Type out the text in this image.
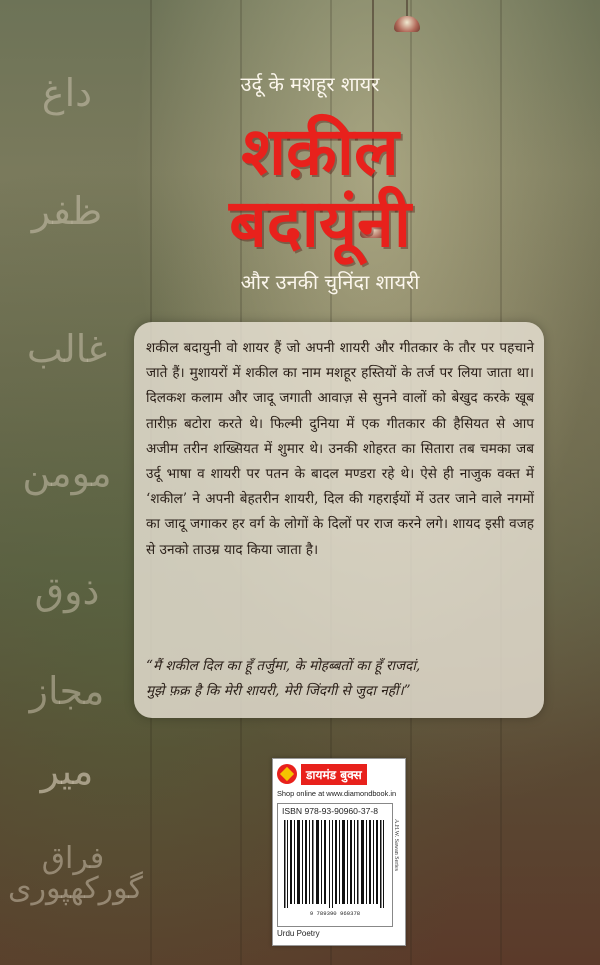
داغ
ظفر
غالب
مومن
ذوق
مجاز
میر
فراق گورکھپوری
उर्दू के मशहूर शायर
शक़ील
बदायूंनी
और उनकी चुनिंदा शायरी

शकील बदायुनी वो शायर हैं जो अपनी शायरी और गीतकार के तौर पर पहचाने जाते हैं। मुशायरों में शकील का नाम मशहूर हस्तियों के तर्ज पर लिया जाता था। दिलकश कलाम और जादू जगाती आवाज़ से सुनने वालों को बेखुद करके खूब तारीफ़ बटोरा करते थे। फिल्मी दुनिया में एक गीतकार की हैसियत से आप अजीम तरीन शख्सियत में शुमार थे। उनकी शोहरत का सितारा तब चमका जब उर्दू भाषा व शायरी पर पतन के बादल मण्डरा रहे थे। ऐसे ही नाजुक वक्त में ‘शकील’ ने अपनी बेहतरीन शायरी, दिल की गहराईयों में उतर जाने वाले नगमों का जादू जगाकर हर वर्ग के लोगों के दिलों पर राज करने लगे। शायद इसी वजह से उनको ताउम्र याद किया जाता है।

“मैं शकील दिल का हूँ तर्जुमा, के मोहब्बतों का हूँ राजदां,
मुझे फ़क्र है कि मेरी शायरी, मेरी जिंदगी से जुदा नहीं।”
डायमंड बुक्स
Shop online at www.diamondbook.in
ISBN 978-93-90960-37-8
9 789390 960378
A.H.W. Sawan Series
Urdu Poetry
